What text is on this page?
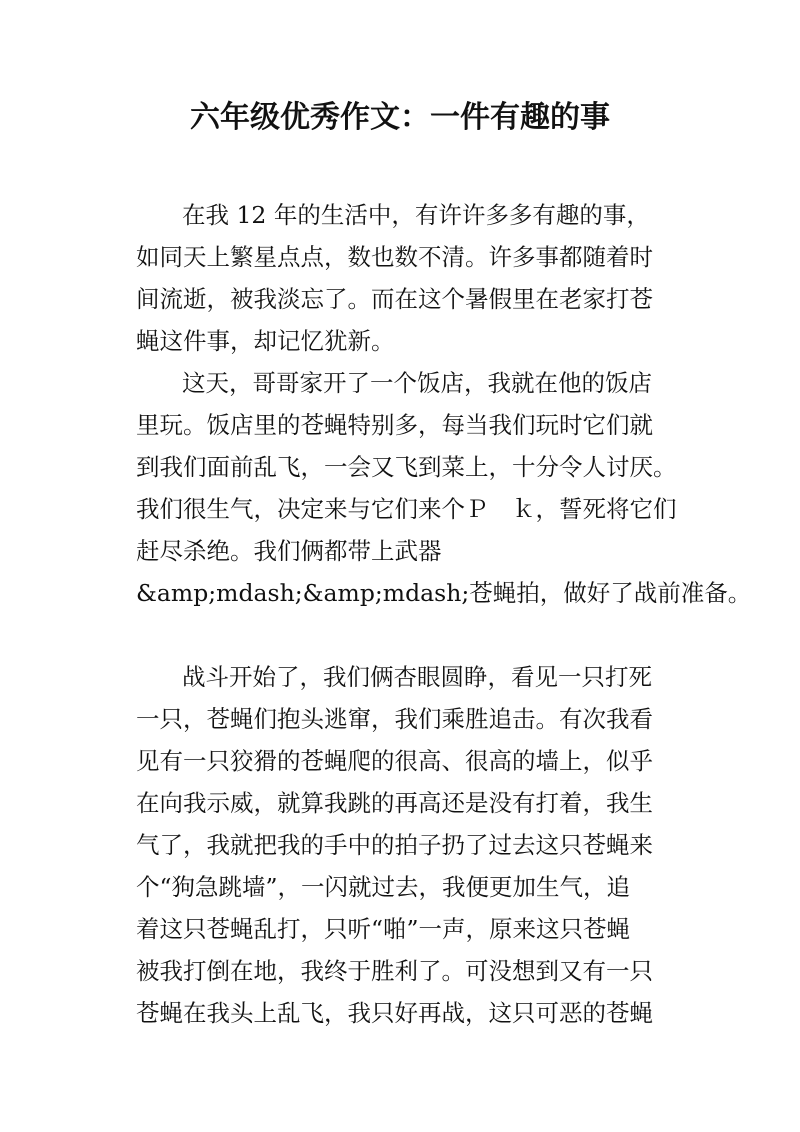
六年级优秀作文：一件有趣的事
在我 12 年的生活中，有许许多多有趣的事，
如同天上繁星点点，数也数不清。许多事都随着时
间流逝，被我淡忘了。而在这个暑假里在老家打苍
蝇这件事，却记忆犹新。
这天，哥哥家开了一个饭店，我就在他的饭店
里玩。饭店里的苍蝇特别多，每当我们玩时它们就
到我们面前乱飞，一会又飞到菜上，十分令人讨厌。
我们很生气，决定来与它们来个Ｐ　ｋ，誓死将它们
赶尽杀绝。我们俩都带上武器
&amp;mdash;&amp;mdash;苍蝇拍，做好了战前准备。
战斗开始了，我们俩杏眼圆睁，看见一只打死
一只，苍蝇们抱头逃窜，我们乘胜追击。有次我看
见有一只狡猾的苍蝇爬的很高、很高的墙上，似乎
在向我示威，就算我跳的再高还是没有打着，我生
气了，我就把我的手中的拍子扔了过去这只苍蝇来
个“狗急跳墙”，一闪就过去，我便更加生气，追
着这只苍蝇乱打，只听“啪”一声，原来这只苍蝇
被我打倒在地，我终于胜利了。可没想到又有一只
苍蝇在我头上乱飞，我只好再战，这只可恶的苍蝇
